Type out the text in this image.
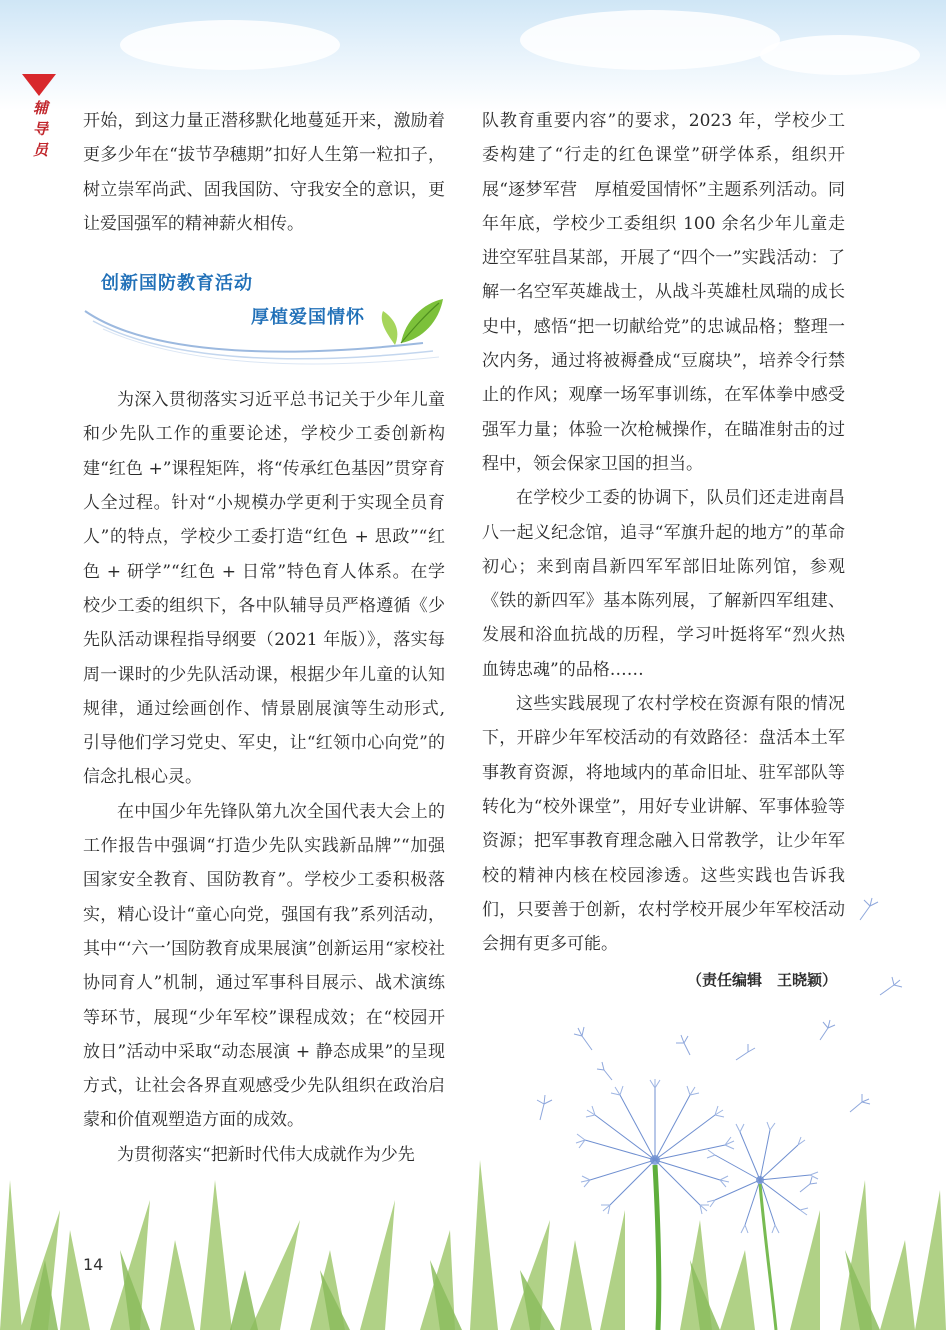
辅导员 开始，到这力量正潜移默化地蔓延开来，激励着更多少年在“拔节孕穗期”扣好人生第一粒扣子，树立崇军尚武、固我国防、守我安全的意识，更让爱国强军的精神薪火相传。

创新国防教育活动
厚植爱国情怀

为深入贯彻落实习近平总书记关于少年儿童和少先队工作的重要论述，学校少工委创新构建“红色 +”课程矩阵，将“传承红色基因”贯穿育人全过程。针对“小规模办学更利于实现全员育人”的特点，学校少工委打造“红色 + 思政”“红色 + 研学”“红色 + 日常”特色育人体系。在学校少工委的组织下，各中队辅导员严格遵循《少先队活动课程指导纲要（2021 年版）》，落实每周一课时的少先队活动课，根据少年儿童的认知规律，通过绘画创作、情景剧展演等生动形式,引导他们学习党史、军史，让“红领巾心向党”的信念扎根心灵。

在中国少年先锋队第九次全国代表大会上的工作报告中强调“打造少先队实践新品牌”“加强国家安全教育、国防教育”。学校少工委积极落实，精心设计“童心向党，强国有我”系列活动，其中“‘六一’国防教育成果展演”创新运用“家校社协同育人”机制，通过军事科目展示、战术演练等环节，展现“少年军校”课程成效；在“校园开放日”活动中采取“动态展演 + 静态成果”的呈现方式，让社会各界直观感受少先队组织在政治启蒙和价值观塑造方面的成效。

为贯彻落实“把新时代伟大成就作为少先

队教育重要内容”的要求，2023 年，学校少工委构建了“行走的红色课堂”研学体系，组织开展“逐梦军营　厚植爱国情怀”主题系列活动。同年年底，学校少工委组织 100 余名少年儿童走进空军驻昌某部，开展了“四个一”实践活动：了解一名空军英雄战士，从战斗英雄杜凤瑞的成长史中，感悟“把一切献给党”的忠诚品格；整理一次内务，通过将被褥叠成“豆腐块”，培养令行禁止的作风；观摩一场军事训练，在军体拳中感受强军力量；体验一次枪械操作，在瞄准射击的过程中，领会保家卫国的担当。

在学校少工委的协调下，队员们还走进南昌八一起义纪念馆，追寻“军旗升起的地方”的革命初心；来到南昌新四军军部旧址陈列馆，参观《铁的新四军》基本陈列展，了解新四军组建、发展和浴血抗战的历程，学习叶挺将军“烈火热血铸忠魂”的品格……

这些实践展现了农村学校在资源有限的情况下，开辟少年军校活动的有效路径：盘活本土军事教育资源，将地域内的革命旧址、驻军部队等转化为“校外课堂”，用好专业讲解、军事体验等资源；把军事教育理念融入日常教学，让少年军校的精神内核在校园渗透。这些实践也告诉我们，只要善于创新，农村学校开展少年军校活动会拥有更多可能。

（责任编辑　王晓颖）
14
